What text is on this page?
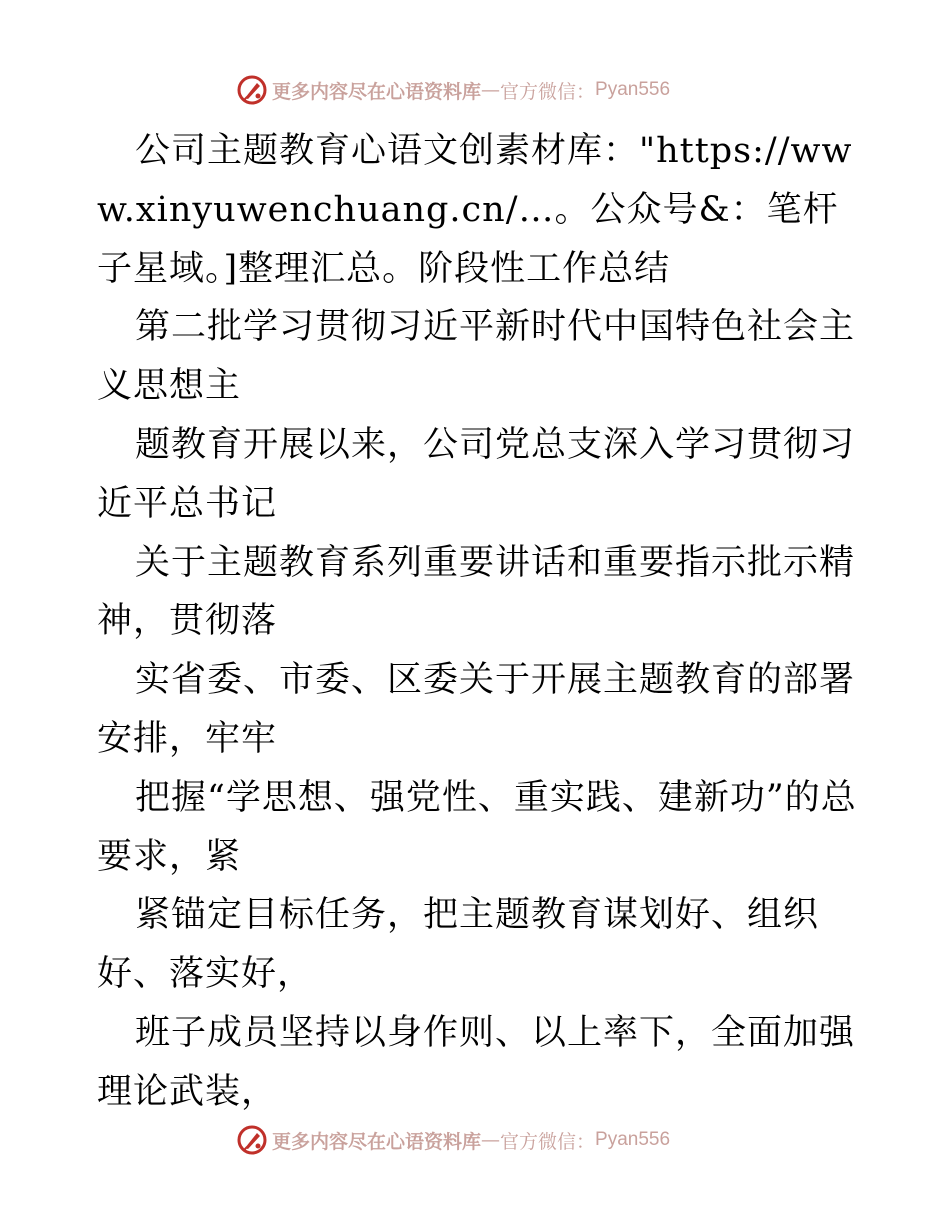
更多内容尽在心语资料库 — 官方微信： Pyan556

公司主题教育心语文创素材库："https://www.xinyuwenchuang.cn/…。公众号&：笔杆子星域。]整理汇总。阶段性工作总结

第二批学习贯彻习近平新时代中国特色社会主义思想主

题教育开展以来，公司党总支深入学习贯彻习近平总书记

关于主题教育系列重要讲话和重要指示批示精神，贯彻落

实省委、市委、区委关于开展主题教育的部署安排，牢牢

把握“学思想、强党性、重实践、建新功”的总要求，紧

紧锚定目标任务，把主题教育谋划好、组织好、落实好，

班子成员坚持以身作则、以上率下，全面加强理论武装，

更多内容尽在心语资料库 — 官方微信： Pyan556
